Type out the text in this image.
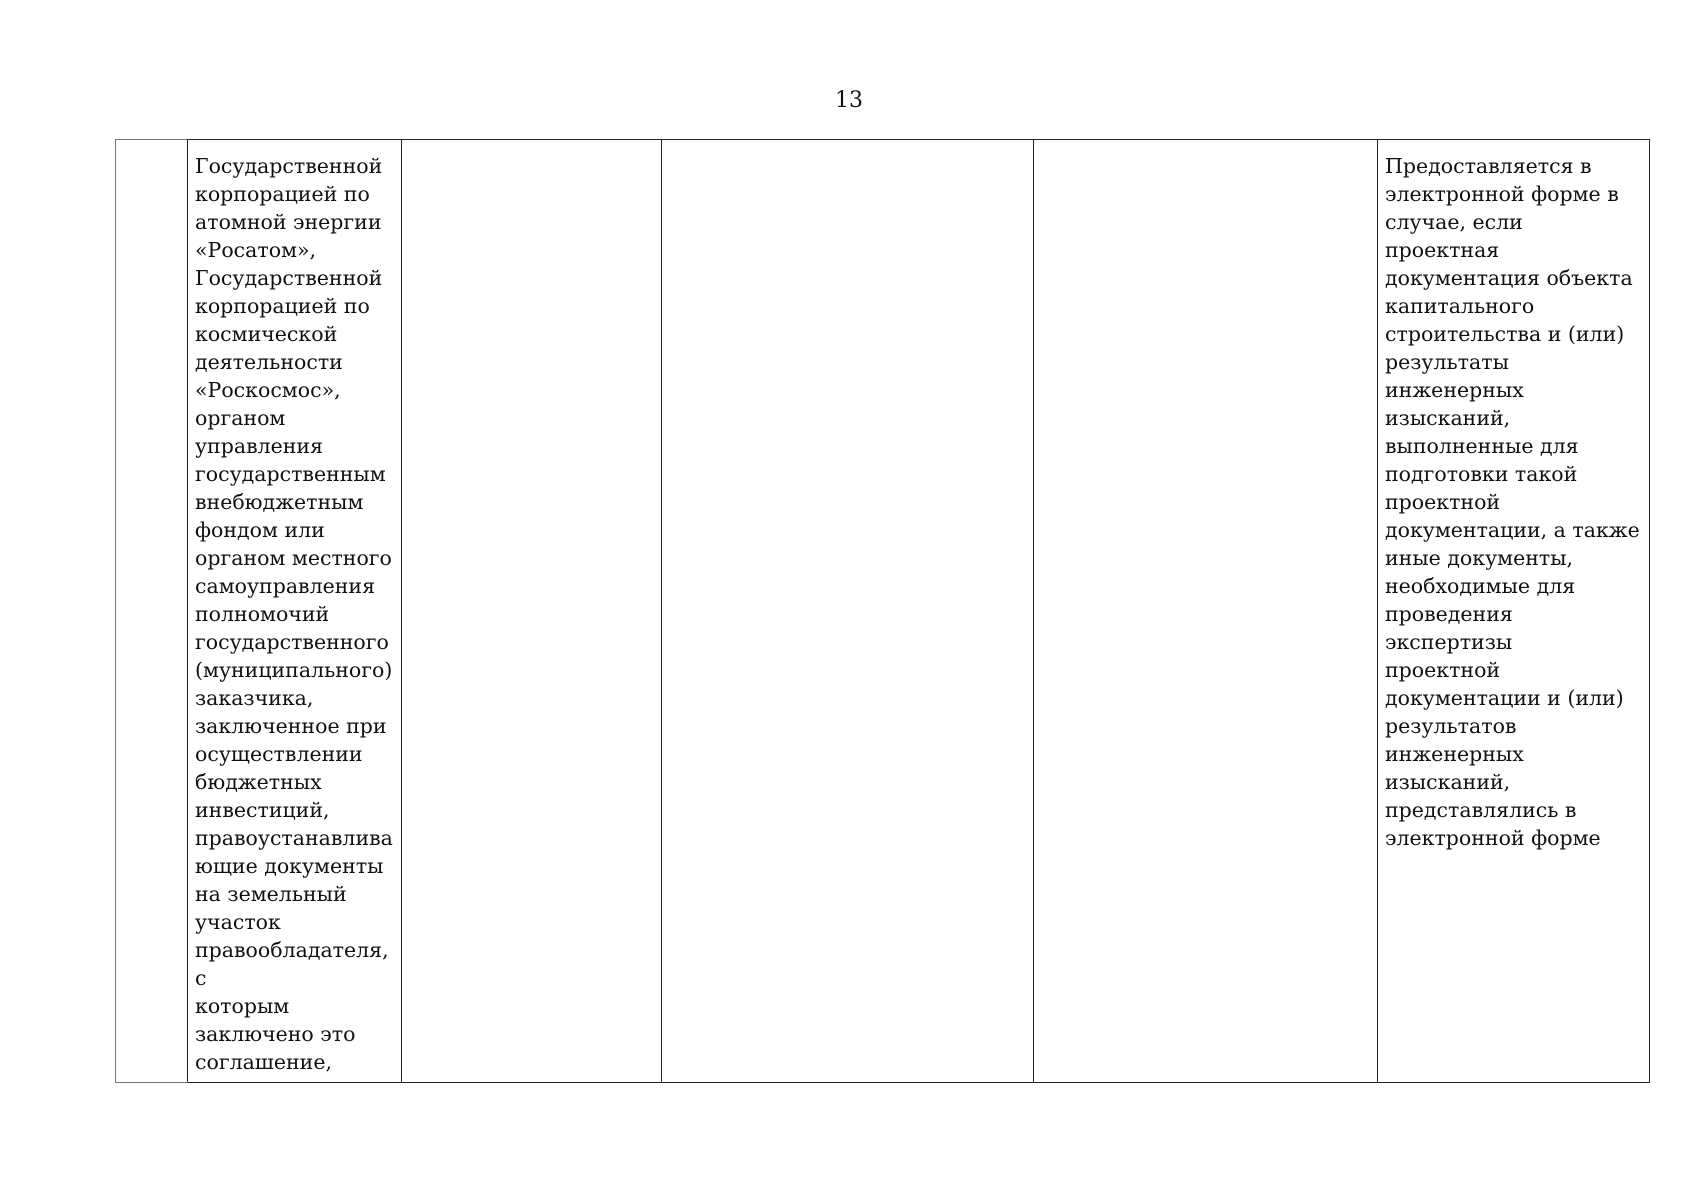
13
	Государственной
корпорацией по
атомной энергии
«Росатом»,
Государственной
корпорацией по
космической
деятельности
«Роскосмос»,
органом
управления
государственным
внебюджетным
фондом или
органом местного
самоуправления
полномочий
государственного
(муниципального)
заказчика,
заключенное при
осуществлении
бюджетных
инвестиций,
правоустанавлива
ющие документы
на земельный
участок
правообладателя, с
которым
заключено это
соглашение,				Предоставляется в
электронной форме в
случае, если проектная
документация объекта
капитального
строительства и (или)
результаты инженерных
изысканий,
выполненные для
подготовки такой
проектной
документации, а также
иные документы,
необходимые для
проведения экспертизы
проектной
документации и (или)
результатов
инженерных изысканий,
представлялись в
электронной форме
